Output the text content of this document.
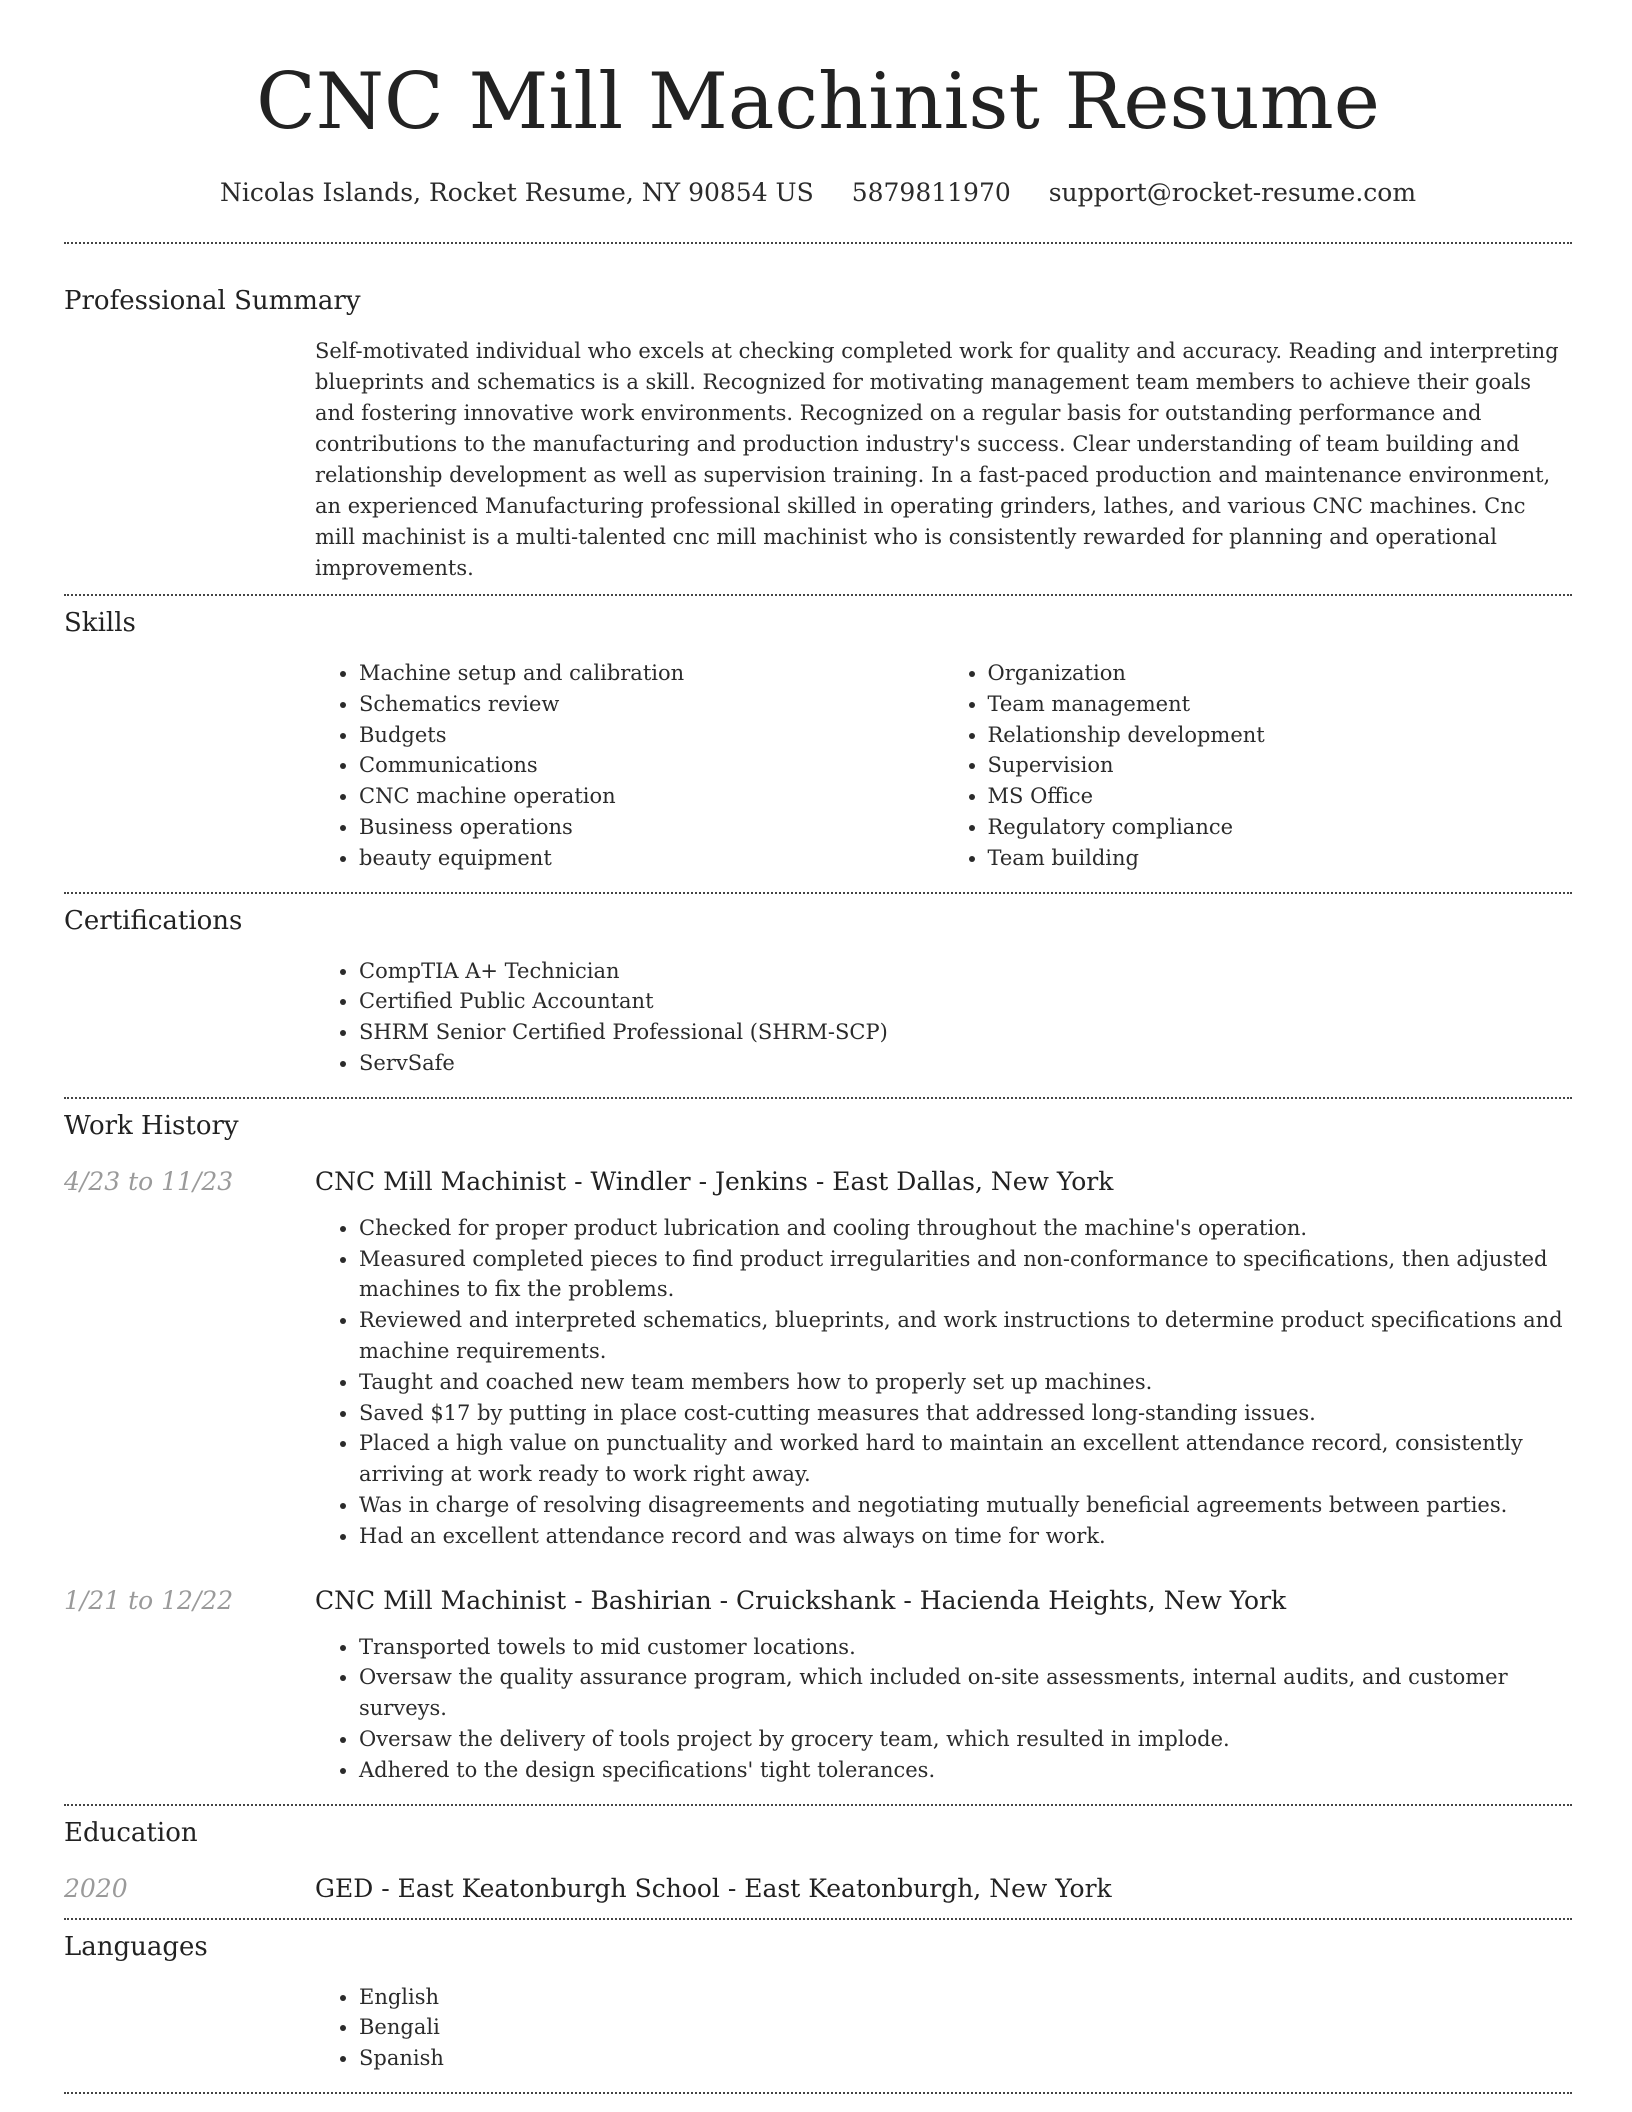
CNC Mill Machinist Resume
Nicolas Islands, Rocket Resume, NY 90854 US 5879811970 support@rocket-resume.com
Professional Summary
Self-motivated individual who excels at checking completed work for quality and accuracy. Reading and interpreting blueprints and schematics is a skill. Recognized for motivating management team members to achieve their goals and fostering innovative work environments. Recognized on a regular basis for outstanding performance and contributions to the manufacturing and production industry's success. Clear understanding of team building and relationship development as well as supervision training. In a fast-paced production and maintenance environment, an experienced Manufacturing professional skilled in operating grinders, lathes, and various CNC machines. Cnc mill machinist is a multi-talented cnc mill machinist who is consistently rewarded for planning and operational improvements.
Skills
• Machine setup and calibration
• Schematics review
• Budgets
• Communications
• CNC machine operation
• Business operations
• beauty equipment
• Organization
• Team management
• Relationship development
• Supervision
• MS Office
• Regulatory compliance
• Team building
Certifications
• CompTIA A+ Technician
• Certified Public Accountant
• SHRM Senior Certified Professional (SHRM-SCP)
• ServSafe
Work History
4/23 to 11/23	CNC Mill Machinist - Windler - Jenkins - East Dallas, New York
• Checked for proper product lubrication and cooling throughout the machine's operation.
• Measured completed pieces to find product irregularities and non-conformance to specifications, then adjusted machines to fix the problems.
• Reviewed and interpreted schematics, blueprints, and work instructions to determine product specifications and machine requirements.
• Taught and coached new team members how to properly set up machines.
• Saved $17 by putting in place cost-cutting measures that addressed long-standing issues.
• Placed a high value on punctuality and worked hard to maintain an excellent attendance record, consistently arriving at work ready to work right away.
• Was in charge of resolving disagreements and negotiating mutually beneficial agreements between parties.
• Had an excellent attendance record and was always on time for work.
1/21 to 12/22	CNC Mill Machinist - Bashirian - Cruickshank - Hacienda Heights, New York
• Transported towels to mid customer locations.
• Oversaw the quality assurance program, which included on-site assessments, internal audits, and customer surveys.
• Oversaw the delivery of tools project by grocery team, which resulted in implode.
• Adhered to the design specifications' tight tolerances.
Education
2020	GED - East Keatonburgh School - East Keatonburgh, New York
Languages
• English
• Bengali
• Spanish
